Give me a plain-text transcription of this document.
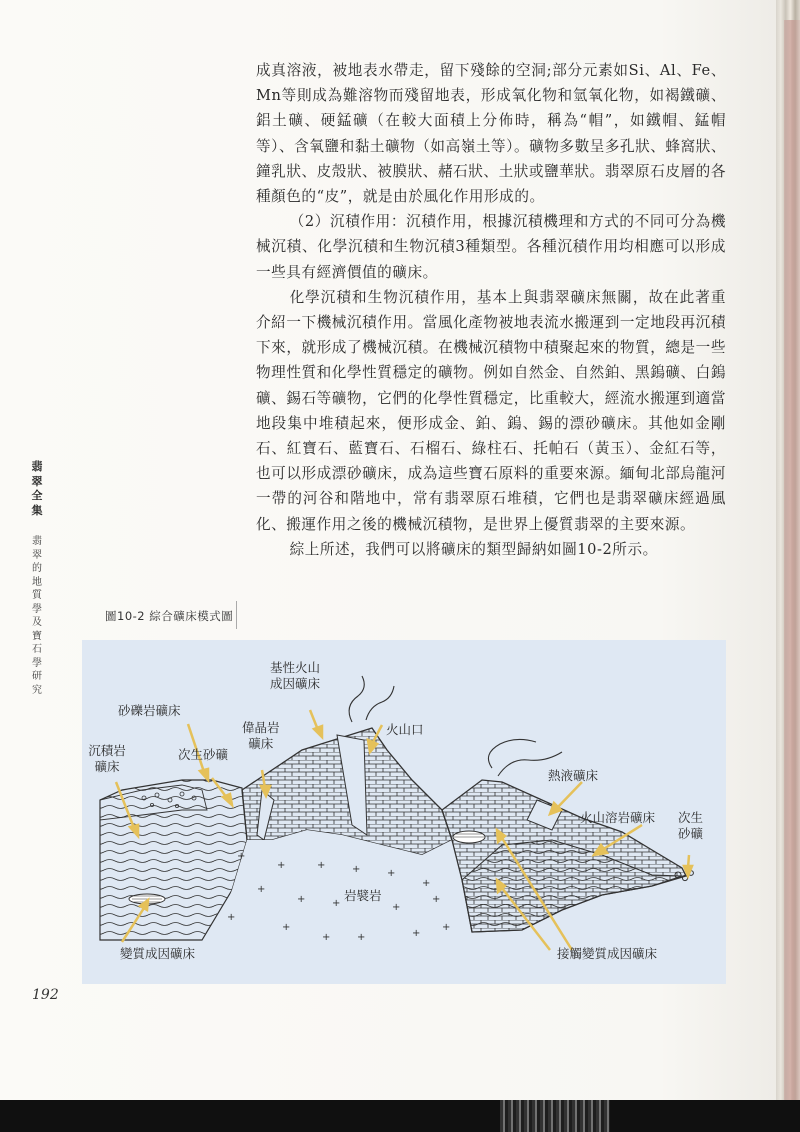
成真溶液，被地表水帶走，留下殘餘的空洞;部分元素如Si、Al、Fe、Mn等則成為難溶物而殘留地表，形成氧化物和氫氧化物，如褐鐵礦、鋁土礦、硬錳礦（在較大面積上分佈時，稱為“帽”，如鐵帽、錳帽等）、含氧鹽和黏土礦物（如高嶺土等）。礦物多數呈多孔狀、蜂窩狀、鐘乳狀、皮殼狀、被膜狀、赭石狀、土狀或鹽華狀。翡翠原石皮層的各種顏色的“皮”，就是由於風化作用形成的。

（2）沉積作用：沉積作用，根據沉積機理和方式的不同可分為機械沉積、化學沉積和生物沉積3種類型。各種沉積作用均相應可以形成一些具有經濟價值的礦床。

化學沉積和生物沉積作用，基本上與翡翠礦床無關，故在此著重介紹一下機械沉積作用。當風化產物被地表流水搬運到一定地段再沉積下來，就形成了機械沉積。在機械沉積物中積聚起來的物質，總是一些物理性質和化學性質穩定的礦物。例如自然金、自然鉑、黑鎢礦、白鎢礦、錫石等礦物，它們的化學性質穩定，比重較大，經流水搬運到適當地段集中堆積起來，便形成金、鉑、鎢、錫的漂砂礦床。其他如金剛石、紅寶石、藍寶石、石榴石、綠柱石、托帕石（黃玉）、金紅石等，也可以形成漂砂礦床，成為這些寶石原料的重要來源。緬甸北部烏龍河一帶的河谷和階地中，常有翡翠原石堆積，它們也是翡翠礦床經過風化、搬運作用之後的機械沉積物，是世界上優質翡翠的主要來源。

綜上所述，我們可以將礦床的類型歸納如圖10-2所示。

翡
翠
全
集
翡
翠
的
地
質
學
及
寶
石
學
研
究
圖10-2 綜合礦床模式圖
+
+	+	+	+
+
+	+	+
+
+
+	+	+
+
+
+
基性火山
成因礦床
砂礫岩礦床
偉晶岩
礦床
火山口
沉積岩
礦床
次生砂礦
熱液礦床
火山溶岩礦床 次生
砂礦
岩襞岩
變質成因礦床	接觸變質成因礦床
192
